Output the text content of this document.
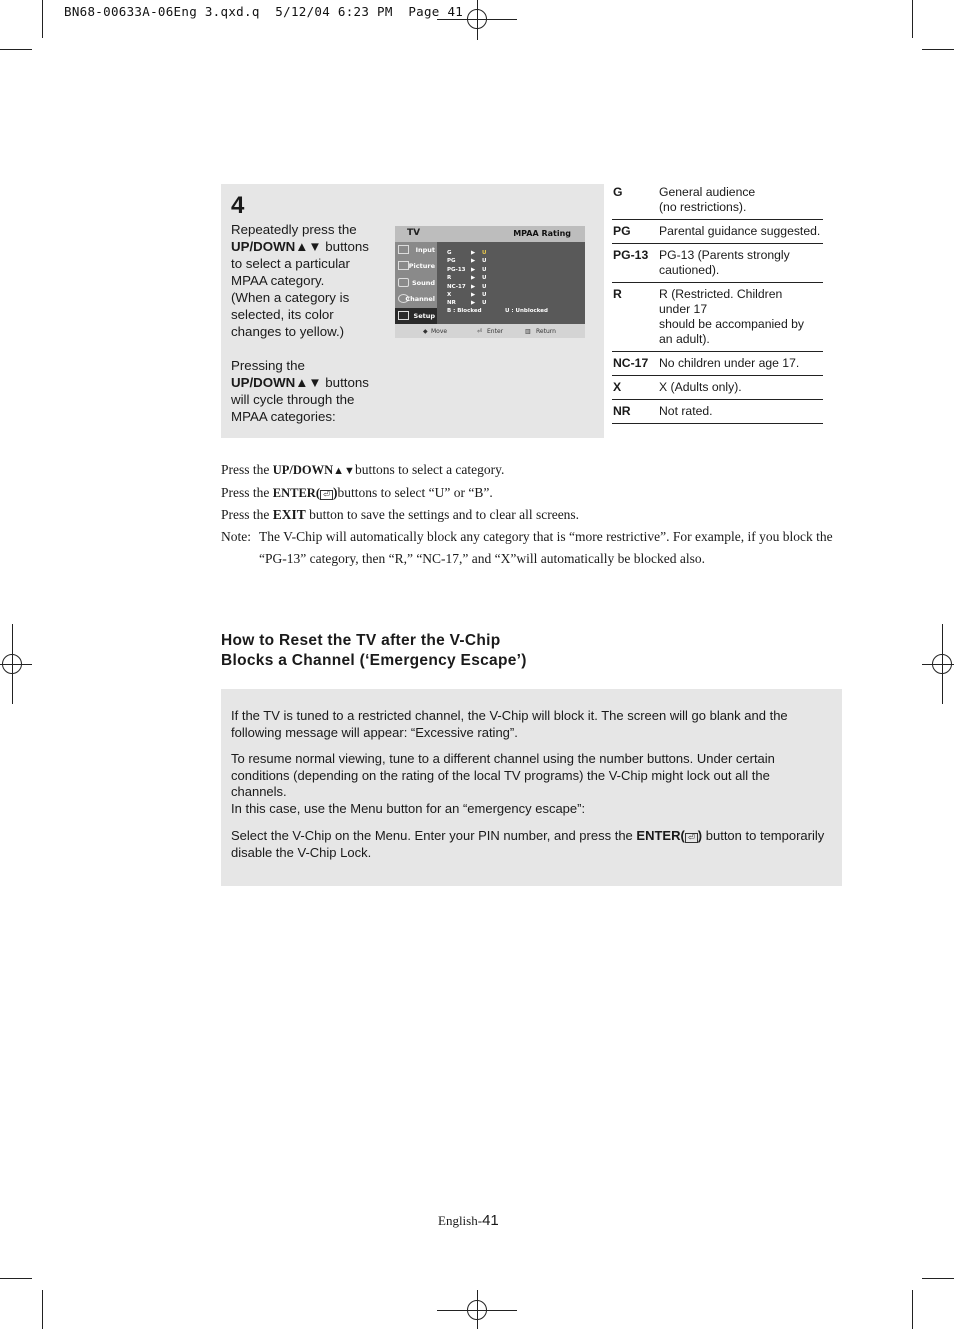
BN68-00633A-06Eng 3.qxd.q  5/12/04 6:23 PM  Page 41
4
Repeatedly press the
UP/DOWN▲▼ buttons
to select a particular
MPAA category.
(When a category is
selected, its color
changes to yellow.)
Pressing the
UP/DOWN▲▼ buttons
will cycle through the
MPAA categories:
TV	MPAA Rating
Input
Picture
Sound
Channel
Setup
G	▶ U
PG	▶ U
PG-13 ▶ U
R	▶ U
NC-17 ▶ U
X	▶ U
NR	▶ U
B : Blocked	U : Unblocked
◆ Move	⏎ Enter	▥ Return
G	General audience
(no restrictions).
PG Parental guidance suggested.
PG-13 PG-13 (Parents strongly
cautioned).
R	R (Restricted. Children
under 17
should be accompanied by
an adult).
NC-17 No children under age 17.
X	X (Adults only).
NR Not rated.
Press the UP/DOWN▲▼buttons to select a category.
Press the ENTER( ⏎ )buttons to select “U” or “B”.
Press the EXIT button to save the settings and to clear all screens.
Note: The V-Chip will automatically block any category that is “more restrictive”. For example, if you block the
“PG-13” category, then “R,” “NC-17,” and “X”will automatically be blocked also.
How to Reset the TV after the V-Chip
Blocks a Channel (‘Emergency Escape’)
If the TV is tuned to a restricted channel, the V-Chip will block it. The screen will go blank and the following message will appear: “Excessive rating”.
To resume normal viewing, tune to a different channel using the number buttons. Under certain conditions (depending on the rating of the local TV programs) the V-Chip might lock out all the channels.
In this case, use the Menu button for an “emergency escape”:
Select the V-Chip on the Menu. Enter your PIN number, and press the ENTER( ⏎ ) button to temporarily disable the V-Chip Lock.
English-41
